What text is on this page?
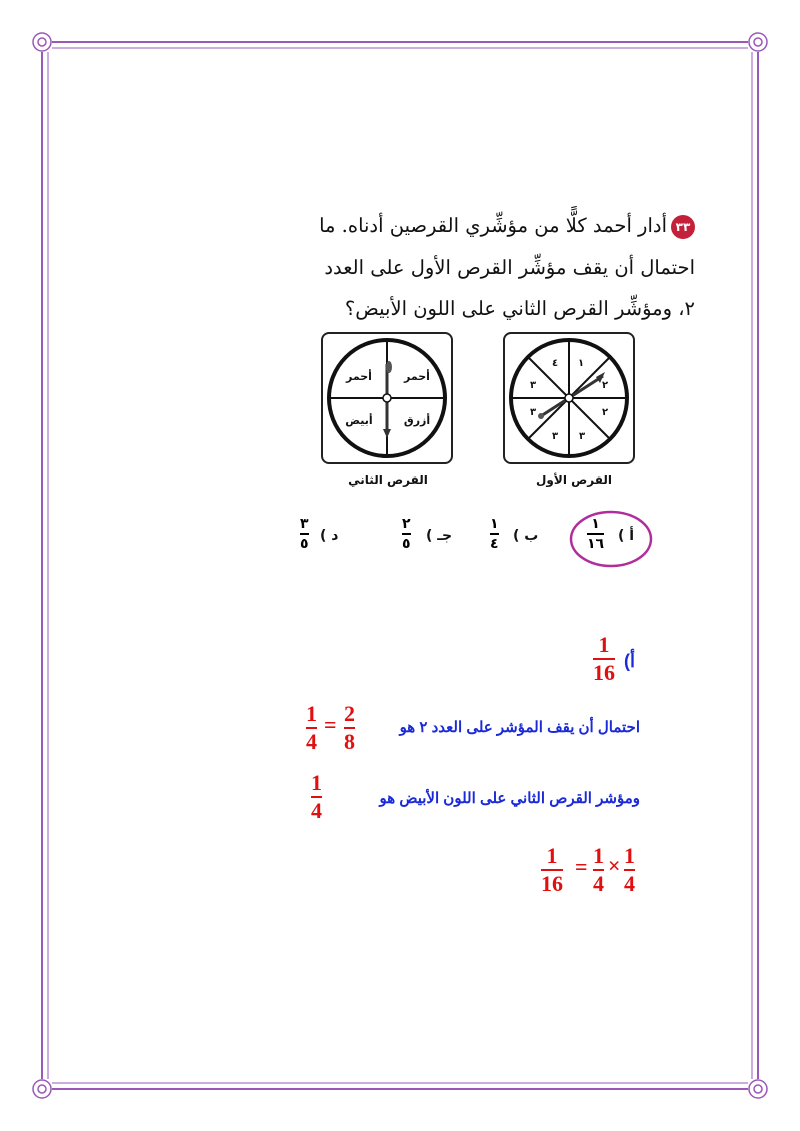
٣٣أدار أحمد كلًّا من مؤشِّري القرصين أدناه. ما
احتمال أن يقف مؤشِّر القرص الأول على العدد
٢، ومؤشِّر القرص الثاني على اللون الأبيض؟
١
٢
٢
٣
٣
٣
٣
٤
القرص الأول
أحمر
أحمر
أبيض	أزرق
القرص الثاني
أ )
١
١٦
ب )
١
٤
جـ )
٢
٥
د )
٣
٥
أ)
1
16
احتمال أن يقف المؤشر على العدد ٢ هو
2
8
=
1
4
ومؤشر القرص الثاني على اللون الأبيض هو
1
4
1
16
= 1
4
× 1
4
